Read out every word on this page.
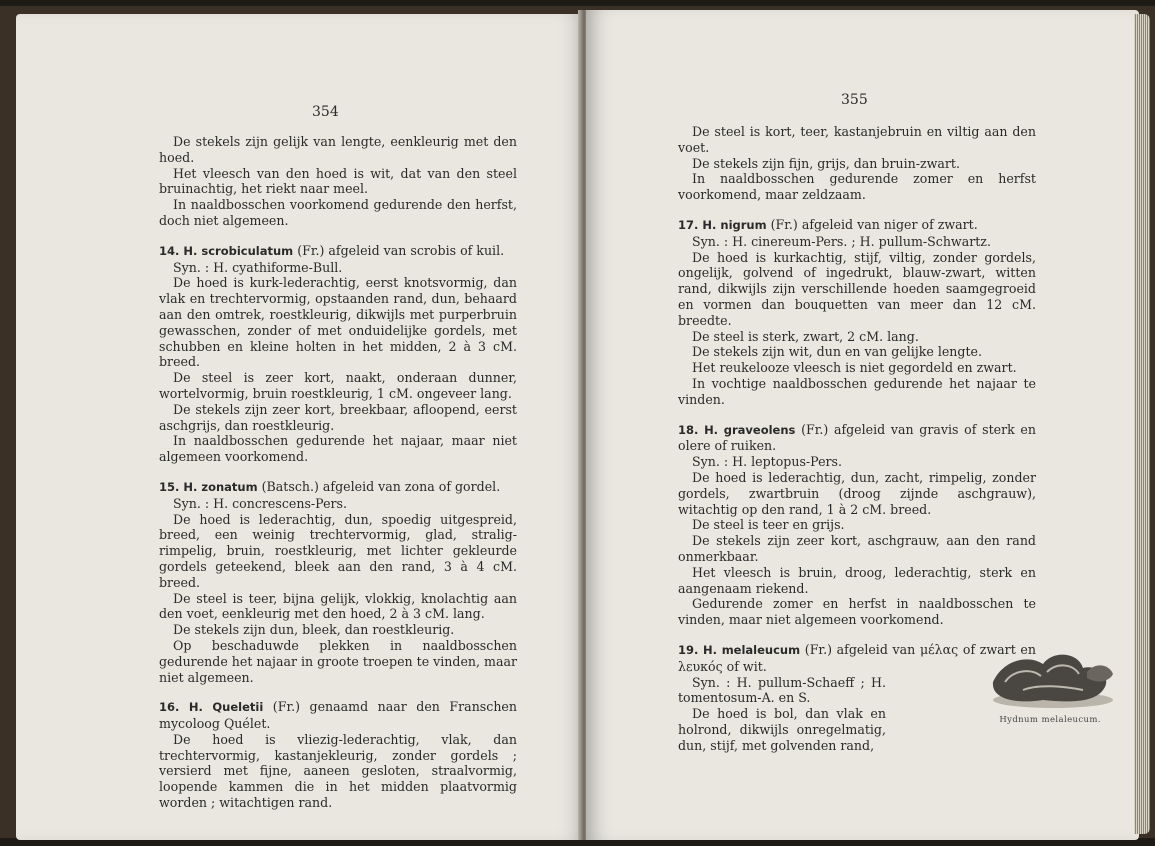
354

De stekels zijn gelijk van lengte, eenkleurig met den hoed.

Het vleesch van den hoed is wit, dat van den steel bruinachtig, het riekt naar meel.

In naaldbosschen voorkomend gedurende den herfst, doch niet algemeen.

14. H. scrobiculatum (Fr.) afgeleid van scrobis of kuil.

Syn. : H. cyathiforme-Bull.

De hoed is kurk-lederachtig, eerst knotsvormig, dan vlak en trechtervormig, opstaanden rand, dun, behaard aan den omtrek, roestkleurig, dikwijls met purperbruin gewasschen, zonder of met onduidelijke gordels, met schubben en kleine holten in het midden, 2 à 3 cM. breed.

De steel is zeer kort, naakt, onderaan dunner, wortelvormig, bruin roestkleurig, 1 cM. ongeveer lang.

De stekels zijn zeer kort, breekbaar, afloopend, eerst aschgrijs, dan roestkleurig.

In naaldbosschen gedurende het najaar, maar niet algemeen voorkomend.

15. H. zonatum (Batsch.) afgeleid van zona of gordel.

Syn. : H. concrescens-Pers.

De hoed is lederachtig, dun, spoedig uitgespreid, breed, een weinig trechtervormig, glad, stralig-rimpelig, bruin, roestkleurig, met lichter gekleurde gordels geteekend, bleek aan den rand, 3 à 4 cM. breed.

De steel is teer, bijna gelijk, vlokkig, knolachtig aan den voet, eenkleurig met den hoed, 2 à 3 cM. lang.

De stekels zijn dun, bleek, dan roestkleurig.

Op beschaduwde plekken in naaldbosschen gedurende het najaar in groote troepen te vinden, maar niet algemeen.

16. H. Queletii (Fr.) genaamd naar den Franschen mycoloog Quélet.

De hoed is vliezig-lederachtig, vlak, dan trechtervormig, kastanjekleurig, zonder gordels ; versierd met fijne, aaneen gesloten, straalvormig, loopende kammen die in het midden plaatvormig worden ; witachtigen rand.

355

De steel is kort, teer, kastanjebruin en viltig aan den voet.

De stekels zijn fijn, grijs, dan bruin-zwart.

In naaldbosschen gedurende zomer en herfst voorkomend, maar zeldzaam.

17. H. nigrum (Fr.) afgeleid van niger of zwart.

Syn. : H. cinereum-Pers. ; H. pullum-Schwartz.

De hoed is kurkachtig, stijf, viltig, zonder gordels, ongelijk, golvend of ingedrukt, blauw-zwart, witten rand, dikwijls zijn verschillende hoeden saamgegroeid en vormen dan bouquetten van meer dan 12 cM. breedte.

De steel is sterk, zwart, 2 cM. lang.

De stekels zijn wit, dun en van gelijke lengte.

Het reukelooze vleesch is niet gegordeld en zwart.

In vochtige naaldbosschen gedurende het najaar te vinden.

18. H. graveolens (Fr.) afgeleid van gravis of sterk en olere of ruiken.

Syn. : H. leptopus-Pers.

De hoed is lederachtig, dun, zacht, rimpelig, zonder gordels, zwartbruin (droog zijnde aschgrauw), witachtig op den rand, 1 à 2 cM. breed.

De steel is teer en grijs.

De stekels zijn zeer kort, aschgrauw, aan den rand onmerkbaar.

Het vleesch is bruin, droog, lederachtig, sterk en aangenaam riekend.

Gedurende zomer en herfst in naaldbosschen te vinden, maar niet algemeen voorkomend.

19. H. melaleucum (Fr.) afgeleid van μέλας of zwart en λευκός of wit.

Syn. : H. pullum-Schaeff ; H. tomentosum-A. en S.

De hoed is bol, dan vlak en holrond, dikwijls onregelmatig, dun, stijf, met golvenden rand,

Hydnum melaleucum.
